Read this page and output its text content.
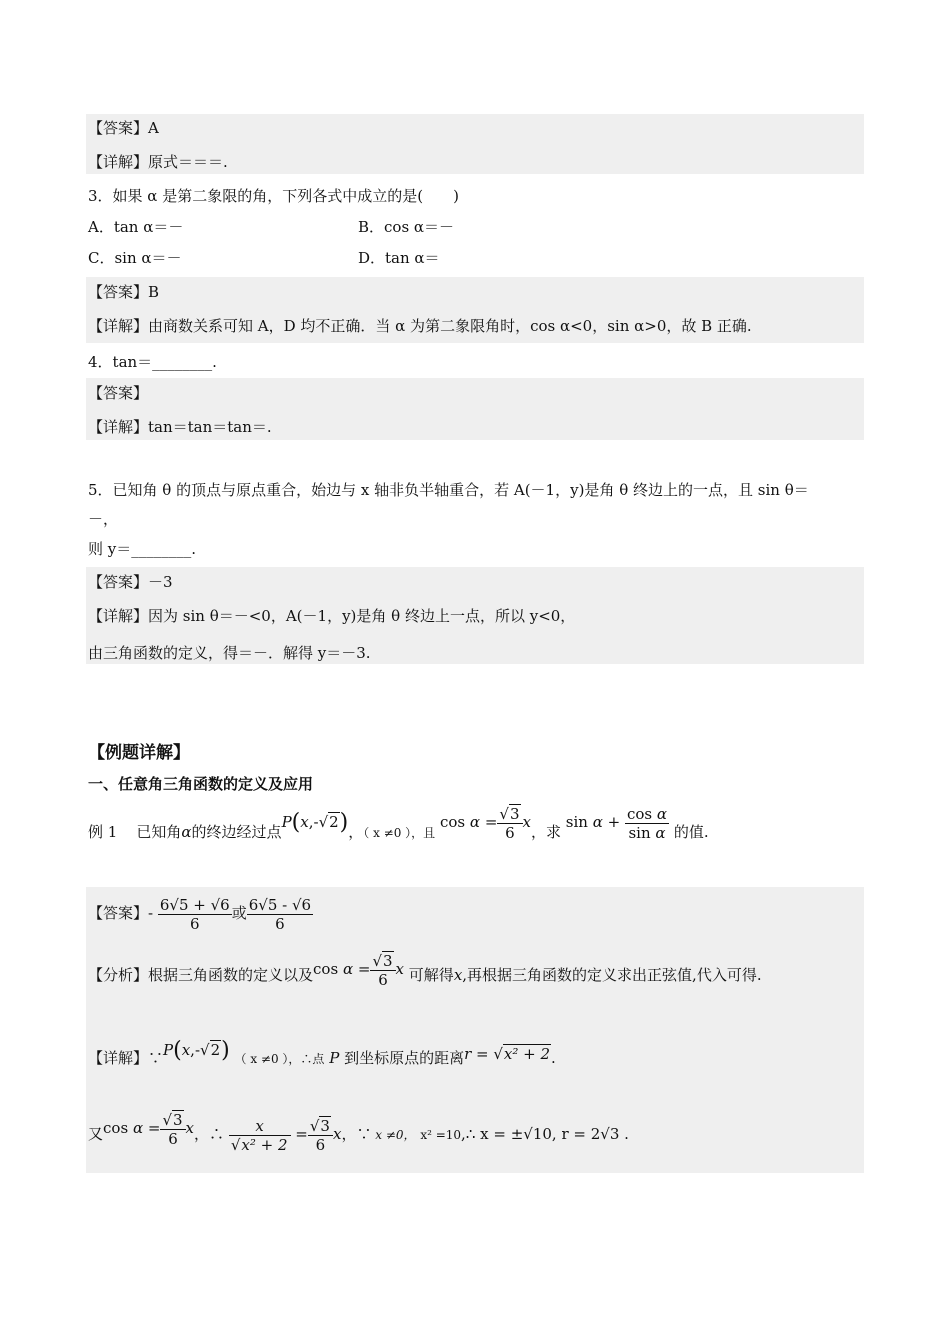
【答案】A
【详解】原式＝＝＝.
3．如果 α 是第二象限的角，下列各式中成立的是(　　)
A．tan α＝－	B．cos α＝－
C．sin α＝－	D．tan α＝
【答案】B
【详解】由商数关系可知 A，D 均不正确．当 α 为第二象限角时，cos α<0，sin α>0，故 B 正确.
4．tan＝________.
【答案】
【详解】tan＝tan＝tan＝.
5．已知角 θ 的顶点与原点重合，始边与 x 轴非负半轴重合，若 A(－1，y)是角 θ 终边上的一点，且 sin θ＝
－，
则 y＝________.
【答案】－3
【详解】因为 sin θ＝－<0，A(－1，y)是角 θ 终边上一点，所以 y<0，
由三角函数的定义，得＝－．解得 y＝－3.
【例题详解】
一、任意角三角函数的定义及应用
例 1 已知角α的终边经过点P(x,-√2)，（ x ≠0 ），且 $\cos \alpha = \frac{√3}{6}$ x，求 $\sin \alpha + \frac{\text{cos α}}{\text{sin α}}$ 的值.
【答案】- $\frac{6√5 + √6}{6}$ 或 $\frac{6√5 - √6}{6}$
【分析】根据三角函数的定义以及$\cos \alpha = \frac{√3}{6}$ x 可解得x,再根据三角函数的定义求出正弦值,代入可得.
【详解】∵P(x,-√2) （ x ≠0 ），∴点 P 到坐标原点的距离r = √x² + 2.
又$\cos \alpha = \frac{√3}{6}$ x，∴ $\frac{x}{\text{√x² + 2}} = \frac{√3}{6}$ x，∵ x ≠0， x² =10,∴ x = ±√10, r = 2√3 .
